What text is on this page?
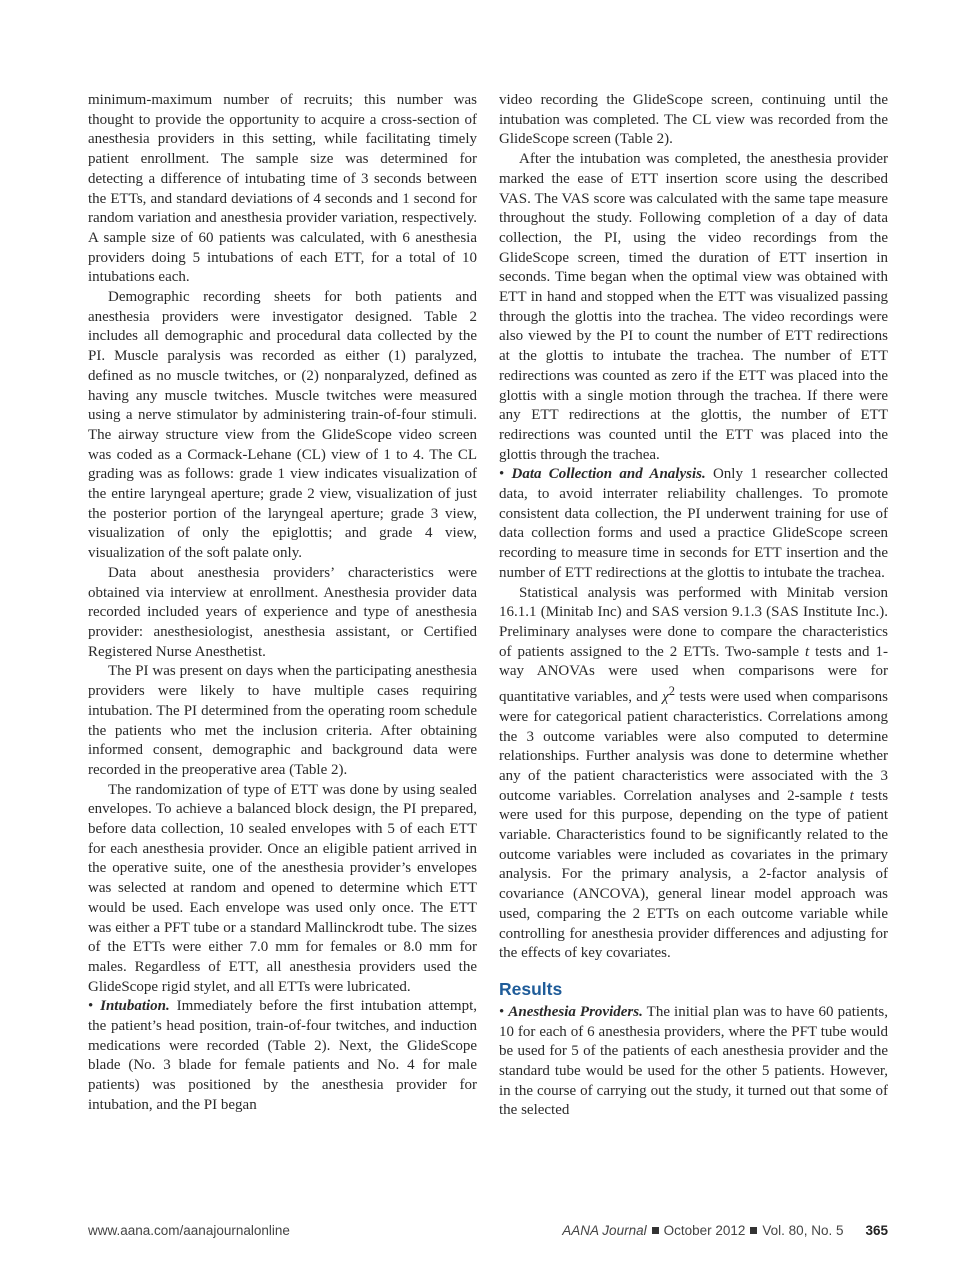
minimum-maximum number of recruits; this number was thought to provide the opportunity to acquire a cross-section of anesthesia providers in this setting, while facilitating timely patient enrollment. The sample size was determined for detecting a difference of intubating time of 3 seconds between the ETTs, and standard deviations of 4 seconds and 1 second for random variation and anesthesia provider variation, respectively. A sample size of 60 patients was calculated, with 6 anesthesia providers doing 5 intubations of each ETT, for a total of 10 intubations each.

Demographic recording sheets for both patients and anesthesia providers were investigator designed. Table 2 includes all demographic and procedural data collected by the PI. Muscle paralysis was recorded as either (1) paralyzed, defined as no muscle twitches, or (2) nonparalyzed, defined as having any muscle twitches. Muscle twitches were measured using a nerve stimulator by administering train-of-four stimuli. The airway structure view from the GlideScope video screen was coded as a Cormack-Lehane (CL) view of 1 to 4. The CL grading was as follows: grade 1 view indicates visualization of the entire laryngeal aperture; grade 2 view, visualization of just the posterior portion of the laryngeal aperture; grade 3 view, visualization of only the epiglottis; and grade 4 view, visualization of the soft palate only.

Data about anesthesia providers’ characteristics were obtained via interview at enrollment. Anesthesia provider data recorded included years of experience and type of anesthesia provider: anesthesiologist, anesthesia assistant, or Certified Registered Nurse Anesthetist.

The PI was present on days when the participating anesthesia providers were likely to have multiple cases requiring intubation. The PI determined from the operating room schedule the patients who met the inclusion criteria. After obtaining informed consent, demographic and background data were recorded in the preoperative area (Table 2).

The randomization of type of ETT was done by using sealed envelopes. To achieve a balanced block design, the PI prepared, before data collection, 10 sealed envelopes with 5 of each ETT for each anesthesia provider. Once an eligible patient arrived in the operative suite, one of the anesthesia provider’s envelopes was selected at random and opened to determine which ETT would be used. Each envelope was used only once. The ETT was either a PFT tube or a standard Mallinckrodt tube. The sizes of the ETTs were either 7.0 mm for females or 8.0 mm for males. Regardless of ETT, all anesthesia providers used the GlideScope rigid stylet, and all ETTs were lubricated.

• Intubation. Immediately before the first intubation attempt, the patient’s head position, train-of-four twitches, and induction medications were recorded (Table 2). Next, the GlideScope blade (No. 3 blade for female patients and No. 4 for male patients) was positioned by the anesthesia provider for intubation, and the PI began

video recording the GlideScope screen, continuing until the intubation was completed. The CL view was recorded from the GlideScope screen (Table 2).

After the intubation was completed, the anesthesia provider marked the ease of ETT insertion score using the described VAS. The VAS score was calculated with the same tape measure throughout the study. Following completion of a day of data collection, the PI, using the video recordings from the GlideScope screen, timed the duration of ETT insertion in seconds. Time began when the optimal view was obtained with ETT in hand and stopped when the ETT was visualized passing through the glottis into the trachea. The video recordings were also viewed by the PI to count the number of ETT redirections at the glottis to intubate the trachea. The number of ETT redirections was counted as zero if the ETT was placed into the glottis with a single motion through the trachea. If there were any ETT redirections at the glottis, the number of ETT redirections was counted until the ETT was placed into the glottis through the trachea.

• Data Collection and Analysis. Only 1 researcher collected data, to avoid interrater reliability challenges. To promote consistent data collection, the PI underwent training for use of data collection forms and used a practice GlideScope screen recording to measure time in seconds for ETT insertion and the number of ETT redirections at the glottis to intubate the trachea.

Statistical analysis was performed with Minitab version 16.1.1 (Minitab Inc) and SAS version 9.1.3 (SAS Institute Inc.). Preliminary analyses were done to compare the characteristics of patients assigned to the 2 ETTs. Two-sample t tests and 1-way ANOVAs were used when comparisons were for quantitative variables, and $\chi^2$ tests were used when comparisons were for categorical patient characteristics. Correlations among the 3 outcome variables were also computed to determine relationships. Further analysis was done to determine whether any of the patient characteristics were associated with the 3 outcome variables. Correlation analyses and 2-sample t tests were used for this purpose, depending on the type of patient variable. Characteristics found to be significantly related to the outcome variables were included as covariates in the primary analysis. For the primary analysis, a 2-factor analysis of covariance (ANCOVA), general linear model approach was used, comparing the 2 ETTs on each outcome variable while controlling for anesthesia provider differences and adjusting for the effects of key covariates.

Results

• Anesthesia Providers. The initial plan was to have 60 patients, 10 for each of 6 anesthesia providers, where the PFT tube would be used for 5 of the patients of each anesthesia provider and the standard tube would be used for the other 5 patients. However, in the course of carrying out the study, it turned out that some of the selected

www.aana.com/aanajournalonline	AANA Journal October 2012 Vol. 80, No. 5 365
